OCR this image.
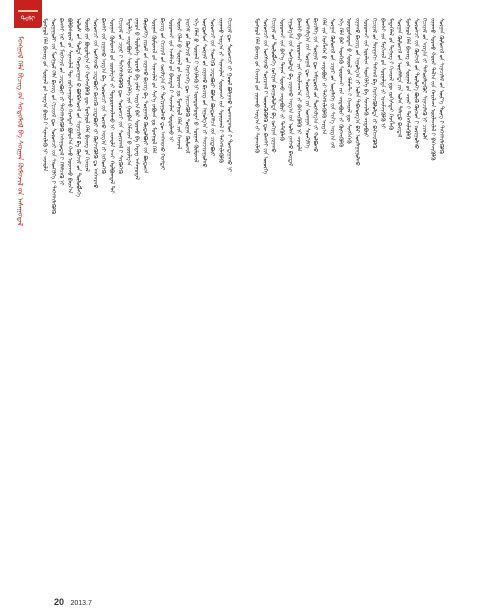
ᠲᠤᠯᠢ
ᠮᠣᠩᠭᠣᠯ ᠬᠡᠯᠡ ᠪᠢᠴᠢᠭ᠌ ᠤ᠋ᠨ ᠰᠤᠳᠤᠯᠤᠯ ᠪᠠ ᠰᠤᠷᠭᠠᠨ ᠬᠥᠮᠦᠵᠢᠯ ᠦ᠋ᠨ ᠠᠰᠠᠭᠤᠳᠠᠯ	ᠮᠣᠩᠭᠣᠯ ᠬᠡᠯᠡ ᠪᠢᠴᠢᠭ᠌ ᠤ᠋ᠨ ᠰᠤᠷᠭᠠᠯ ᠤ᠋ᠨ ᠠᠷᠭ᠎ᠠ ᠪᠠᠷᠢᠯ ᠢ᠋ ᠰᠢᠨᠡᠴᠢᠯᠡᠬᠦ ᠨᠢ ᠴᠢᠬᠤᠯᠠ ᠰᠤᠷᠭᠠᠭᠤᠯᠢ ᠶ᠋ᠢᠨ ᠮᠣᠩᠭᠣᠯ ᠬᠡᠯᠡ ᠪᠢᠴᠢᠭ᠌ ᠤ᠋ᠨ ᠬᠢᠴᠢᠶᠡᠯ ᠳᠦ ᠰᠤᠷᠤᠭᠴᠢ ᠶ᠋ᠢᠨ ᠰᠡᠳᠬᠢᠯᠭᠡ ᠢ᠋ ᠳᠡᠭᠡᠭᠰᠢᠯᠡᠭᠦᠯᠬᠦ ᠪᠠᠭᠰᠢ ᠨᠠᠷ ᠤ᠋ᠨ ᠮᠡᠷᠭᠡᠵᠢᠯ ᠦ᠋ᠨ ᠴᠢᠳᠠᠪᠤᠷᠢ ᠶ᠋ᠢ ᠳᠡᠭᠡᠭᠰᠢᠯᠡᠭᠦᠯᠬᠦ ᠠᠰᠠᠭᠤᠳᠠᠯ ᠢ᠋ ᠬᠡᠯᠡᠯᠴᠡᠬᠦ ᠨᠢ ᠪᠣᠯᠪᠠᠰᠤᠷᠠᠯ ᠤ᠋ᠨ ᠰᠢᠨᠡᠴᠢᠯᠡᠯ ᠲᠦ ᠵᠣᠬᠢᠴᠠᠭᠤᠯᠬᠤ ᠬᠡᠷᠡᠭᠲᠡᠢ ᠪᠣᠯᠤᠨ᠎ᠠ ᠭᠡᠵᠦ ᠦᠵᠡᠵᠦ ᠪᠠᠢᠨ᠎ᠠ ᠤᠯᠤᠰ ᠤ᠋ᠨ ᠳᠤᠮᠳᠠ ᠬᠤᠭᠤᠴᠠᠭᠠᠨ ᠤ᠋ ᠪᠣᠯᠪᠠᠰᠤᠷᠠᠯ ᠤ᠋ᠨ ᠰᠢᠨᠡᠴᠢᠯᠡᠯ ᠪᠠ ᠬᠥᠭᠵᠢᠯ ᠤ᠋ᠨ ᠲᠥᠯᠦᠪᠯᠡᠭᠡ ᠲᠥᠷᠦ ᠶ᠋ᠢᠨ ᠪᠣᠳᠤᠯᠭ᠎ᠠ ᠶ᠋ᠢ ᠬᠡᠷᠡᠭᠵᠢᠭᠦᠯᠬᠦ ᠳᠦ ᠮᠣᠩᠭᠣᠯ ᠬᠡᠯᠡ ᠪᠢᠴᠢᠭ᠌ ᠤ᠋ᠨ ᠬᠢᠴᠢᠶᠡᠯ ᠰᠤᠷᠤᠭᠴᠢ ᠶ᠋ᠢᠨ ᠤᠩᠰᠢᠬᠤ ᠴᠢᠳᠠᠪᠤᠷᠢ ᠪᠢᠴᠢᠬᠦ ᠴᠢᠳᠠᠪᠤᠷᠢ ᠶ᠋ᠢ ᠬᠥᠭᠵᠢᠭᠦᠯᠬᠦ ᠳᠤ ᠠᠩᠬᠠᠷᠬᠤ ᠪᠠᠭᠰᠢ ᠶ᠋ᠢᠨ ᠵᠢᠭᠠᠬᠤ ᠠᠷᠭ᠎ᠠ ᠪᠠ ᠰᠤᠷᠤᠭᠴᠢ ᠶ᠋ᠢᠨ ᠰᠤᠷᠬᠤ ᠠᠷᠭ᠎ᠠ ᠶ᠋ᠢ ᠨᠢᠭᠡᠳᠭᠡᠬᠦ ᠰᠤᠷᠭᠠᠨ ᠬᠥᠮᠦᠵᠢᠯ ᠦ᠋ᠨ ᠵᠣᠷᠢᠯᠭ᠎ᠠ ᠶ᠋ᠢ ᠲᠣᠳᠣᠷᠬᠠᠢᠯᠠᠬᠤ ᠨᠢ ᠴᠢᠬᠤᠯᠠ ᠠᠴᠢ ᠬᠣᠯᠪᠣᠭᠳᠠᠯ ᠲᠠᠢ ᠬᠢᠴᠢᠶᠡᠯ ᠤ᠋ᠨ ᠴᠢᠨᠠᠷ ᠢ᠋ ᠳᠡᠭᠡᠭᠰᠢᠯᠡᠭᠦᠯᠬᠦ ᠳᠦ ᠰᠤᠷᠤᠭᠴᠢ ᠶ᠋ᠢᠨ ᠰᠣᠨᠢᠷᠬᠠᠯ ᠢ᠋ ᠰᠡᠷᠭᠦᠭᠡᠬᠦ ᠮᠡᠳᠡᠯᠭᠡ ᠴᠢᠳᠠᠪᠤᠷᠢ ᠰᠡᠳᠬᠢᠯ ᠰᠡᠳᠬᠢᠯᠭᠡ ᠶ᠋ᠢᠨ ᠭᠤᠷᠪᠠᠨ ᠬᠡᠮᠵᠢᠶᠡᠨ ᠦ᠌ ᠵᠣᠷᠢᠯᠭ᠎ᠠ ᠶᠠᠭᠤᠨ ᠤ᠋ ᠲᠥᠯᠦᠭᠡ ᠰᠤᠷᠬᠤ ᠪᠡ ᠶᠠᠮᠠᠷ ᠠᠷᠭ᠎ᠠ ᠪᠠᠷ ᠰᠤᠷᠬᠤ ᠪᠡ ᠭᠡᠳᠡᠭ ᠠᠰᠠᠭᠤᠳᠠᠯ ᠬᠥᠷᠥᠩᠭᠡ ᠵᠢᠷᠤᠮ ᠤ᠋ᠨ ᠵᠢᠭᠠᠬᠤ ᠪᠢᠴᠢᠭ ᠪᠠ ᠰᠤᠷᠭᠠᠬᠤ ᠬᠥᠲᠦᠯᠪᠦᠷᠢ ᠶ᠋ᠢᠨ ᠪᠦᠲᠦᠴᠡ ᠰᠤᠷᠭᠠᠨ ᠬᠥᠮᠦᠵᠢᠯ ᠦ᠋ᠨ ᠰᠢᠨᠡᠴᠢᠯᠡᠯ ᠦ᠋ᠨ ᠰᠢᠨ᠎ᠡ ᠶᠠᠪᠤᠴᠠ ᠳᠤ ᠮᠣᠩᠭᠣᠯ ᠬᠡᠯᠡ ᠪᠢᠴᠢᠭ᠌ ᠤ᠋ᠨ ᠬᠢᠴᠢᠶᠡᠯ ᠦ᠋ᠨ ᠵᠣᠷᠢᠯᠭ᠎ᠠ ᠶ᠋ᠢ ᠲᠣᠬᠢᠷᠠᠭᠤᠯᠬᠤ ᠳᠦ ᠠᠩᠬᠠᠷᠬᠤ ᠬᠡᠷᠡᠭᠲᠡᠢ ᠰᠤᠷᠤᠭᠴᠢ ᠶ᠋ᠢᠨ ᠡᠵᠡᠮᠰᠢᠯ ᠦ᠋ᠨ ᠪᠠᠢᠳᠠᠯ ᠢ᠋ ᠰᠢᠨᠵᠢᠯᠡᠨ ᠰᠤᠳᠤᠯᠬᠤ ᠨᠢ ᠬᠣᠶᠠᠷ ᠬᠡᠯᠡᠨ ᠦ᠌ ᠰᠤᠷᠭᠠᠯ ᠤ᠋ᠨ ᠣᠷᠴᠢᠨ ᠳᠤ ᠮᠣᠩᠭᠣᠯ ᠬᠡᠯᠡ ᠶ᠋ᠢᠨ ᠬᠢᠴᠢᠶᠡᠯ ᠨᠡᠢᠭᠡᠮ ᠤ᠋ᠨ ᠬᠥᠭᠵᠢᠯ ᠦ᠋ᠨ ᠬᠡᠷᠡᠭᠴᠡᠭᠡ ᠳᠦ ᠨᠡᠢᠴᠡᠭᠦᠯᠬᠦ ᠰᠤᠷᠭᠠᠨ ᠬᠥᠮᠦᠵᠢᠯ ᠡᠬᠡ ᠬᠡᠯᠡᠨ ᠦ᠌ ᠰᠤᠷᠭᠠᠯ ᠢ᠋ ᠡᠷᠬᠢᠮᠯᠡᠬᠦ ᠨᠢ ᠦᠨᠳᠦᠰᠦᠲᠡᠨ ᠦ᠌ ᠰᠤᠷᠭᠠᠨ ᠬᠥᠮᠦᠵᠢᠯ ᠦᠨᠳᠦᠰᠦᠨ ᠰᠤᠷᠭᠠᠯ ᠤ᠋ᠨ ᠵᠢᠭᠠᠬᠤ ᠪᠢᠴᠢᠭ ᠤ᠋ᠨ ᠠᠭᠤᠯᠭ᠎ᠠ ᠶ᠋ᠢ ᠰᠠᠢᠵᠢᠷᠠᠭᠤᠯᠬᠤ ᠰᠤᠷᠤᠭᠴᠢ ᠶ᠋ᠢᠨ ᠰᠡᠳᠬᠢᠬᠦ ᠴᠢᠳᠠᠪᠤᠷᠢ ᠪᠣᠯᠤᠨ ᠪᠦᠲᠦᠭᠡᠯᠴᠡ ᠶ᠋ᠢᠨ ᠴᠢᠳᠠᠪᠤᠷᠢ ᠵᠢᠭᠠᠬᠤ ᠠᠷᠭ᠎ᠠ ᠶ᠋ᠢ ᠰᠢᠨᠡᠴᠢᠯᠡᠨ ᠰᠤᠷᠤᠭᠴᠢ ᠶ᠋ᠢᠨ ᠰᠣᠨᠢᠷᠬᠠᠯ ᠢ᠋ ᠳᠡᠭᠡᠭᠰᠢᠯᠡᠭᠦᠯᠬᠦ ᠬᠢᠴᠢᠶᠡᠯ ᠳᠦ ᠰᠤᠷᠤᠭᠴᠢ ᠶ᠋ᠢ ᠭᠣᠣᠯ ᠪᠣᠯᠭᠠᠬᠤ ᠤᠬᠠᠭᠳᠠᠬᠤᠨ ᠢ᠋ ᠲᠣᠭᠲᠠᠭᠠᠬᠤ ᠨᠢ	ᠮᠣᠩᠭᠣᠯ ᠬᠡᠯᠡ ᠪᠢᠴᠢᠭ᠌ ᠤ᠋ᠨ ᠬᠢᠴᠢᠶᠡᠯ ᠦ᠋ᠨ ᠵᠢᠭᠠᠬᠤ ᠠᠷᠭ᠎ᠠ ᠶ᠋ᠢ ᠰᠢᠨᠡᠴᠢᠯᠡᠬᠦ ᠰᠤᠷᠤᠭᠴᠢ ᠶ᠋ᠢᠨ ᠤᠩᠰᠢᠬᠤ ᠰᠣᠨᠢᠷᠬᠠᠯ ᠢ᠋ ᠦᠳᠬᠦᠭᠦᠯᠬᠦ ᠳᠦ ᠪᠠᠭᠰᠢ ᠶ᠋ᠢᠨ ᠦᠦᠷᠭᠡ ᠬᠢᠴᠢᠶᠡᠯ ᠤ᠋ᠨ ᠲᠥᠯᠥᠪᠯᠡᠭᠡ ᠵᠣᠬᠢᠶᠠᠨ ᠪᠠᠢᠭᠤᠯᠤᠯᠲᠠ ᠪᠠ ᠵᠣᠬᠢᠶᠠᠨ ᠵᠢᠭᠠᠬᠤ ᠰᠤᠷᠤᠭᠴᠢ ᠶ᠋ᠢᠨ ᠪᠡᠶ᠎ᠡ ᠳᠠᠭᠠᠨ ᠰᠤᠷᠬᠤ ᠴᠢᠳᠠᠪᠤᠷᠢ ᠶ᠋ᠢ ᠲᠡᠲᠬᠦᠯᠡᠬᠦ ᠠᠭᠤᠯᠭ᠎ᠠ ᠶ᠋ᠢᠨ ᠰᠣᠩᠭᠣᠯᠲᠠ ᠪᠠ ᠵᠢᠭᠠᠬᠤ ᠠᠷᠭ᠎ᠠ ᠶ᠋ᠢᠨ ᠣᠯᠠᠨ ᠶᠠᠩᠵᠤ ᠪᠠᠢᠳᠠᠯ ᠪᠠᠭᠰᠢ ᠪᠠ ᠰᠤᠷᠤᠭᠴᠢ ᠶ᠋ᠢᠨ ᠬᠠᠷᠢᠯᠴᠠᠭ᠎ᠠ ᠶ᠋ᠢ ᠪᠡᠬᠡᠵᠢᠭᠦᠯᠬᠦ ᠨᠢ ᠴᠢᠬᠤᠯᠠ ᠤᠩᠰᠢᠯᠭ᠎ᠠ ᠶ᠋ᠢᠨ ᠰᠤᠷᠭᠠᠯ ᠳᠦ ᠰᠤᠷᠤᠭᠴᠢ ᠶ᠋ᠢᠨ ᠤᠬᠠᠭᠠᠨ ᠰᠡᠳᠬᠢᠯᠭᠡ ᠪᠢᠴᠢᠯᠭᠡ ᠶ᠋ᠢᠨ ᠰᠤᠷᠭᠠᠯ ᠳᠦ ᠠᠮᠢᠳᠤᠷᠠᠯ ᠤ᠋ᠨ ᠲᠤᠷᠰᠢᠯᠭ᠎ᠠ ᠶ᠋ᠢ ᠬᠣᠯᠪᠣᠬᠤ ᠬᠡᠯᠡ ᠶ᠋ᠢᠨ ᠬᠡᠷᠡᠭᠯᠡᠭᠡᠨ ᠦ᠌ ᠴᠢᠳᠠᠪᠤᠷᠢ ᠶ᠋ᠢ ᠳᠡᠭᠡᠭᠰᠢᠯᠡᠭᠦᠯᠬᠦ ᠠᠷᠭ᠎ᠠ ᠰᠤᠷᠭᠠᠨ ᠬᠥᠮᠦᠵᠢᠯ ᠦ᠋ᠨ ᠴᠢᠨᠠᠷ ᠤ᠋ᠨ ᠦᠨᠡᠯᠡᠭᠡ ᠶ᠋ᠢᠨ ᠰᠢᠨ᠎ᠡ ᠠᠷᠭ᠎ᠠ ᠵᠠᠮ ᠡᠬᠡ ᠬᠡᠯᠡ ᠪᠡᠷ ᠰᠡᠳᠬᠢᠬᠦ ᠰᠤᠷᠤᠭᠴᠢ ᠶ᠋ᠢᠨ ᠴᠢᠳᠠᠪᠤᠷᠢ ᠶ᠋ᠢ ᠬᠥᠭᠵᠢᠭᠦᠯᠬᠦ ᠦᠨᠳᠦᠰᠦᠲᠡᠨ ᠦ᠌ ᠰᠣᠶᠣᠯ ᠤ᠋ᠨ ᠡᠯᠡᠮᠡᠨᠲ ᠢ᠋ ᠬᠢᠴᠢᠶᠡᠯ ᠳᠦ ᠰᠢᠩᠭᠡᠭᠡᠬᠦ ᠵᠢᠭᠠᠬᠤ ᠪᠢᠴᠢᠭ ᠤ᠋ᠨ ᠠᠭᠤᠯᠭ᠎ᠠ ᠶ᠋ᠢ ᠣᠯᠠᠨ ᠳᠠᠪᠬᠤᠷᠭ᠎ᠠ ᠪᠠᠷ ᠣᠢᠯᠠᠭᠠᠭᠤᠯᠬᠤ ᠰᠤᠷᠤᠭᠴᠢ ᠶ᠋ᠢᠨ ᠤᠷᠠᠯᠢᠭ ᠰᠡᠳᠬᠢᠯᠭᠡ ᠪᠠ ᠰᠢᠨᠵᠢᠯᠡᠬᠦ ᠴᠢᠳᠠᠪᠤᠷᠢ ᠬᠢᠴᠢᠶᠡᠯ ᠤ᠋ᠨ ᠳᠠᠷᠠᠭᠠᠬᠢ ᠳᠠᠰᠬᠠᠯ ᠪᠠ ᠬᠡᠷᠡᠭᠵᠢᠭᠦᠯᠦᠯᠲᠡ ᠶ᠋ᠢ ᠪᠡᠬᠡᠵᠢᠭᠦᠯᠬᠦ ᠪᠠᠭᠰᠢ ᠶ᠋ᠢᠨ ᠮᠡᠷᠭᠡᠵᠢᠯ ᠦ᠋ᠨ ᠰᠤᠷᠭᠠᠯᠲᠠ ᠶ᠋ᠢ ᠡᠷᠴᠢᠮᠵᠢᠭᠦᠯᠬᠦ ᠨᠢ ᠮᠡᠳᠡᠭᠡᠯᠡᠯ ᠦ᠋ᠨ ᠲᠧᠬᠨᠢᠭ ᠢ᠋ ᠬᠢᠴᠢᠶᠡᠯ ᠳᠦ ᠵᠣᠬᠢᠰᠲᠠᠢ ᠬᠡᠷᠡᠭᠯᠡᠬᠦ ᠰᠤᠷᠭᠠᠨ ᠬᠥᠮᠦᠵᠢᠯ ᠦ᠋ᠨ ᠦᠨᠡᠯᠡᠯᠲᠡ ᠶ᠋ᠢᠨ ᠣᠯᠠᠨ ᠲᠠᠯᠠᠲᠤ ᠪᠠᠢᠳᠠᠯ ᠮᠣᠩᠭᠣᠯ ᠬᠡᠯᠡ ᠪᠢᠴᠢᠭ᠌ ᠤ᠋ᠨ ᠰᠤᠷᠭᠠᠯ ᠤ᠋ᠨ ᠴᠢᠨᠠᠷ ᠢ᠋ ᠳᠡᠭᠡᠭᠰᠢᠯᠡᠭᠦᠯᠬᠦ ᠰᠤᠷᠤᠭᠴᠢ ᠶ᠋ᠢᠨ ᠬᠥᠭᠵᠢᠯ ᠦ᠋ᠨ ᠲᠥᠯᠥᠭᠡ ᠪᠥᠬᠦ ᠬᠦᠴᠦᠨ ᠢ᠋ ᠵᠣᠷᠢᠭᠤᠯᠬᠤ ᠬᠢᠴᠢᠶᠡᠯ ᠦ᠋ᠨ ᠠᠷᠭ᠎ᠠ ᠶ᠋ᠢ ᠲᠠᠰᠤᠷᠠᠯᠲᠠᠭᠦᠢ ᠰᠢᠨᠡᠴᠢᠯᠡᠬᠦ ᠨᠢ ᠴᠢᠬᠤᠯᠠ ᠵᠢᠭᠠᠬᠤ ᠰᠤᠷᠬᠤ ᠬᠣᠶᠠᠷ ᠲᠠᠯ᠎ᠠ ᠶ᠋ᠢᠨ ᠬᠠᠷᠢᠯᠴᠠᠨ ᠦᠢᠯᠡᠴᠢᠯᠡᠯ ᠢ᠋ ᠪᠡᠬᠡᠵᠢᠭᠦᠯᠬᠦ ᠰᠤᠷᠭᠠᠨ ᠬᠥᠮᠦᠵᠢᠯ ᠦ᠋ᠨ ᠰᠢᠨᠡᠴᠢᠯᠡᠯ ᠦ᠋ᠨ ᠦᠷ᠎ᠡ ᠳᠦᠩ ᠢ᠋ ᠳᠡᠭᠡᠭᠰᠢᠯᠡᠭᠦᠯᠬᠦ
20 2013.7
